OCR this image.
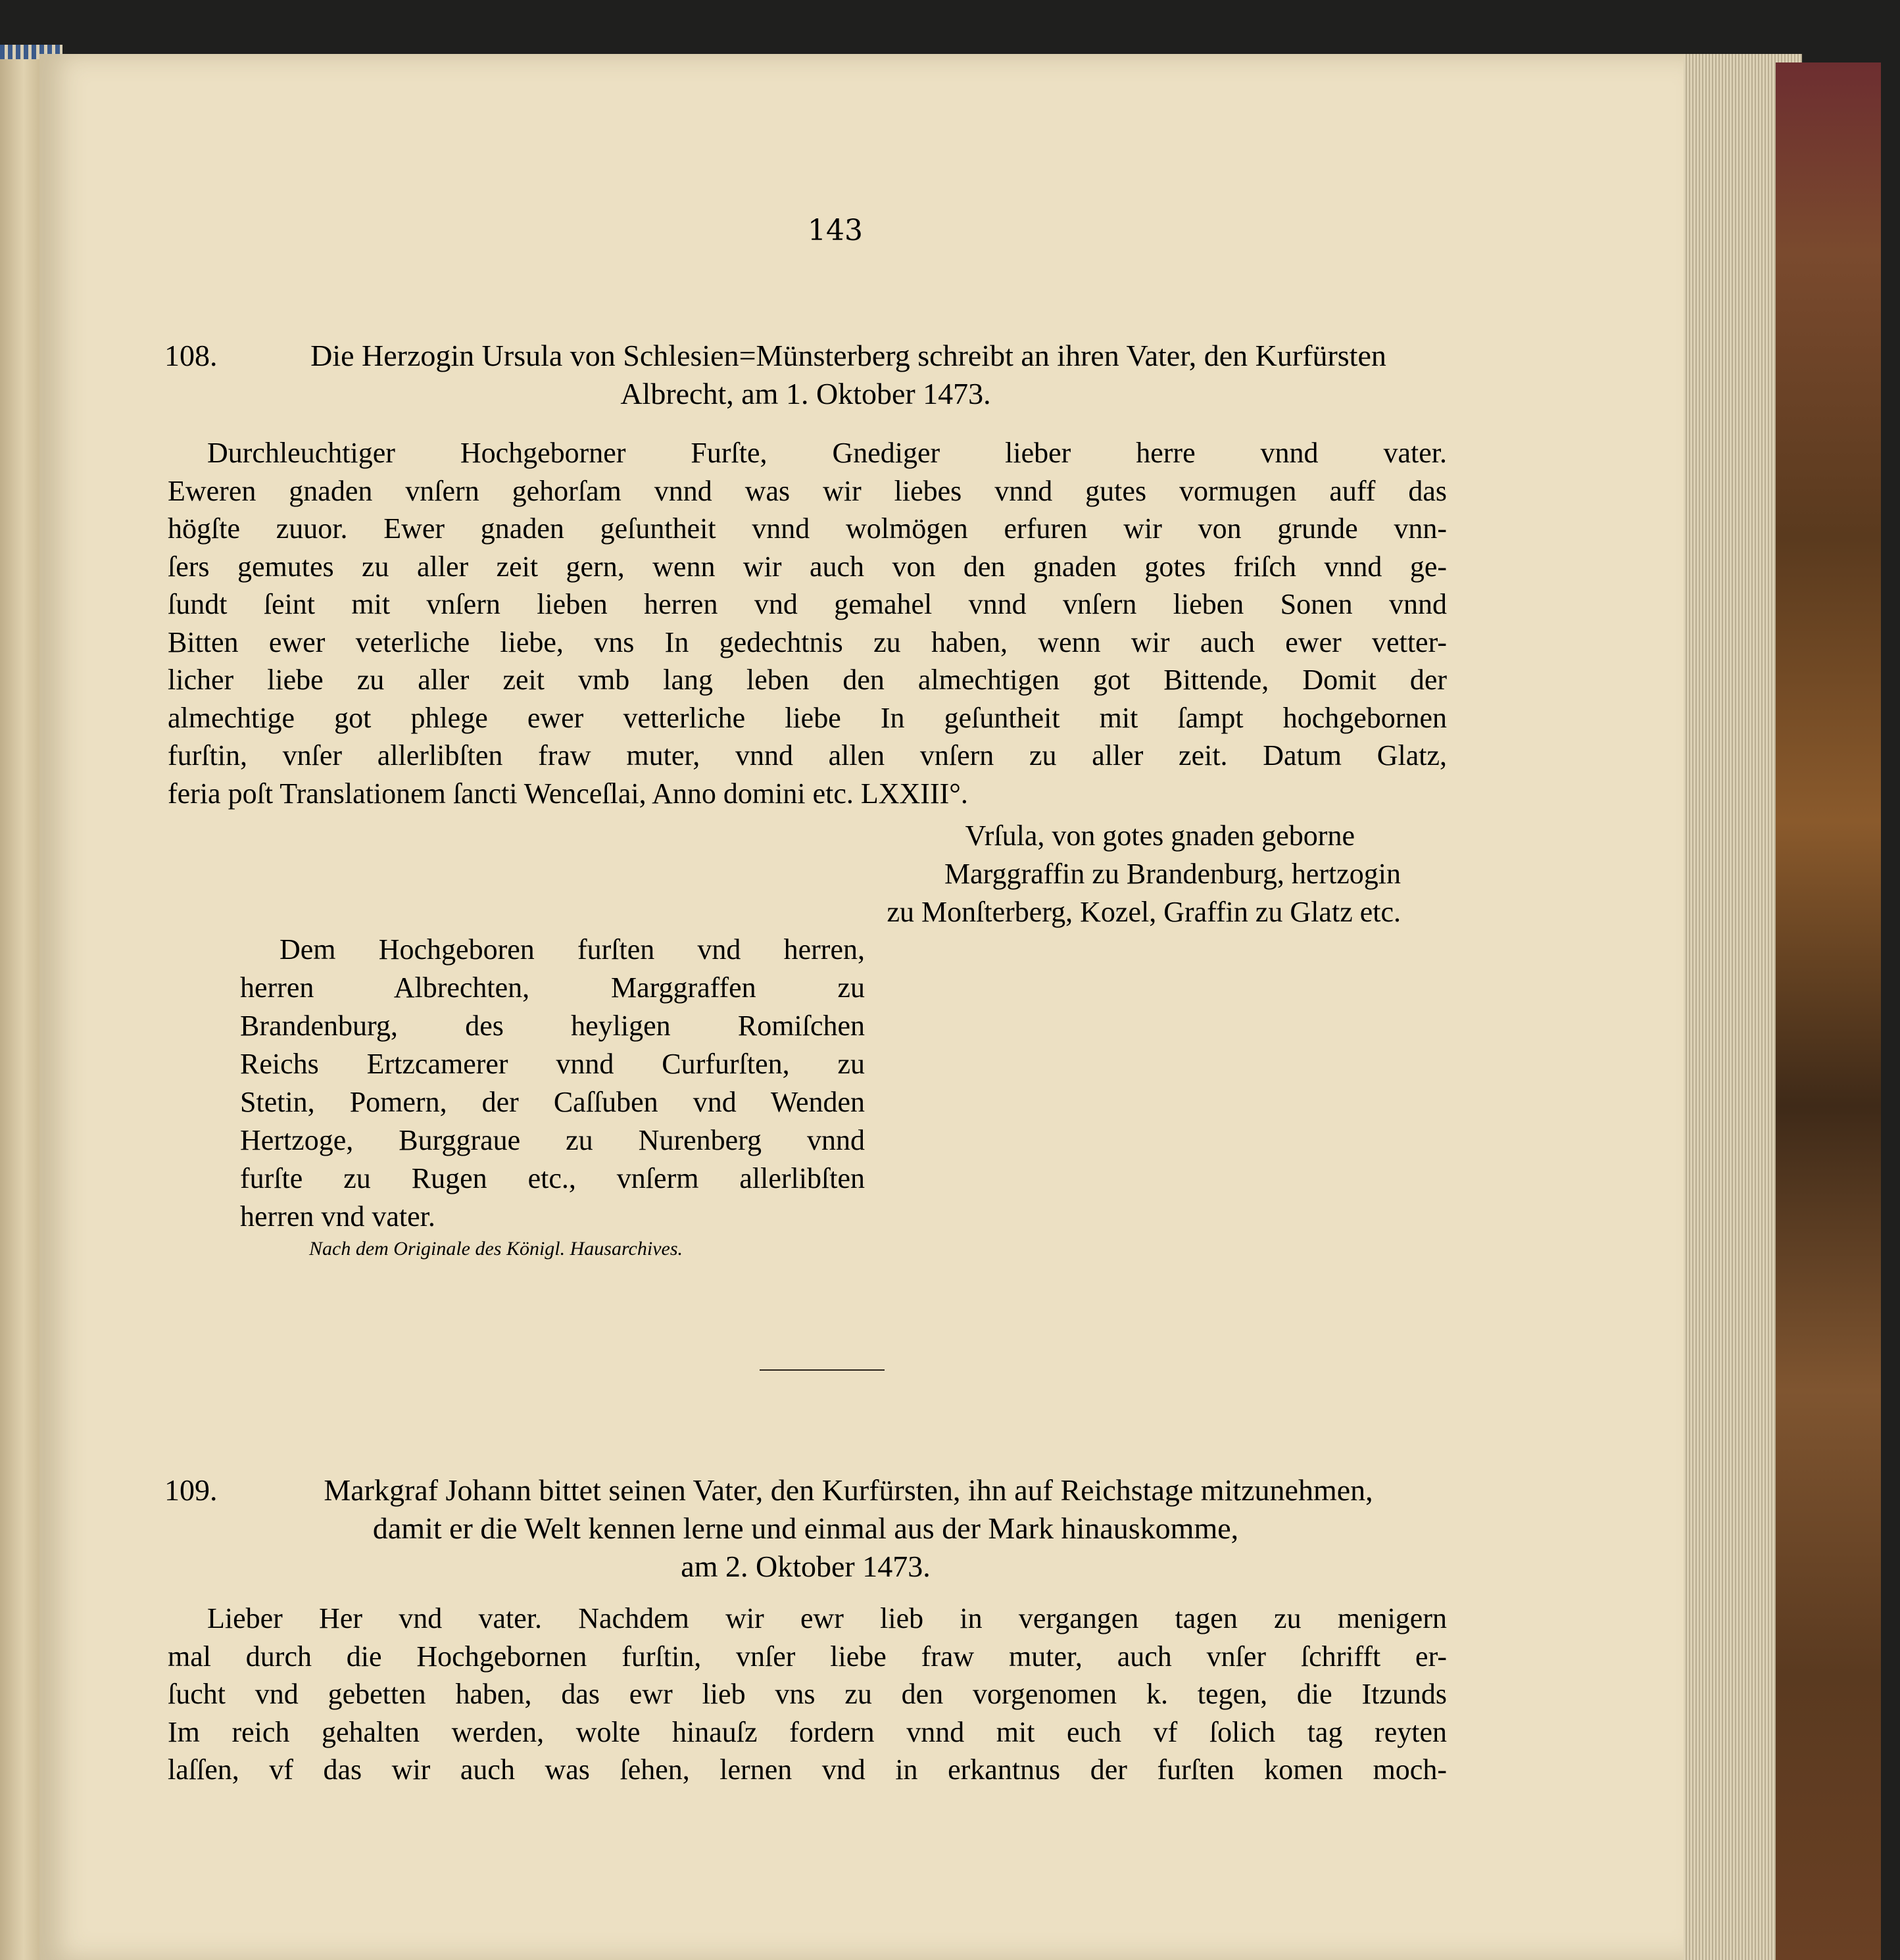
143
108.	Die Herzogin Ursula von Schlesien=Münsterberg schreibt an ihren Vater, den Kurfürsten
Albrecht, am 1. Oktober 1473.
Durchleuchtiger Hochgeborner Furſte, Gnediger lieber herre vnnd vater.
Eweren gnaden vnſern gehorſam vnnd was wir liebes vnnd gutes vormugen auff das
högſte zuuor. Ewer gnaden geſuntheit vnnd wolmögen erfuren wir von grunde vnn-
ſers gemutes zu aller zeit gern, wenn wir auch von den gnaden gotes friſch vnnd ge-
ſundt ſeint mit vnſern lieben herren vnd gemahel vnnd vnſern lieben Sonen vnnd
Bitten ewer veterliche liebe, vns In gedechtnis zu haben, wenn wir auch ewer vetter-
licher liebe zu aller zeit vmb lang leben den almechtigen got Bittende, Domit der
almechtige got phlege ewer vetterliche liebe In geſuntheit mit ſampt hochgebornen
furſtin, vnſer allerlibſten fraw muter, vnnd allen vnſern zu aller zeit. Datum Glatz,
feria poſt Translationem ſancti Wenceſlai, Anno domini etc. LXXIII°.
Vrſula, von gotes gnaden geborne
Marggraffin zu Brandenburg, hertzogin
zu Monſterberg, Kozel, Graffin zu Glatz etc.
Dem Hochgeboren furſten vnd herren,
herren Albrechten, Marggraffen zu
Brandenburg, des heyligen Romiſchen
Reichs Ertzcamerer vnnd Curfurſten, zu
Stetin, Pomern, der Caſſuben vnd Wenden
Hertzoge, Burggraue zu Nurenberg vnnd
furſte zu Rugen etc., vnſerm allerlibſten
herren vnd vater.
Nach dem Originale des Königl. Hausarchives.
109.	Markgraf Johann bittet seinen Vater, den Kurfürsten, ihn auf Reichstage mitzunehmen,
damit er die Welt kennen lerne und einmal aus der Mark hinauskomme,
am 2. Oktober 1473.
Lieber Her vnd vater. Nachdem wir ewr lieb in vergangen tagen zu menigern
mal durch die Hochgebornen furſtin, vnſer liebe fraw muter, auch vnſer ſchrifft er-
ſucht vnd gebetten haben, das ewr lieb vns zu den vorgenomen k. tegen, die Itzunds
Im reich gehalten werden, wolte hinauſz fordern vnnd mit euch vf ſolich tag reyten
laſſen, vf das wir auch was ſehen, lernen vnd in erkantnus der furſten komen moch-
